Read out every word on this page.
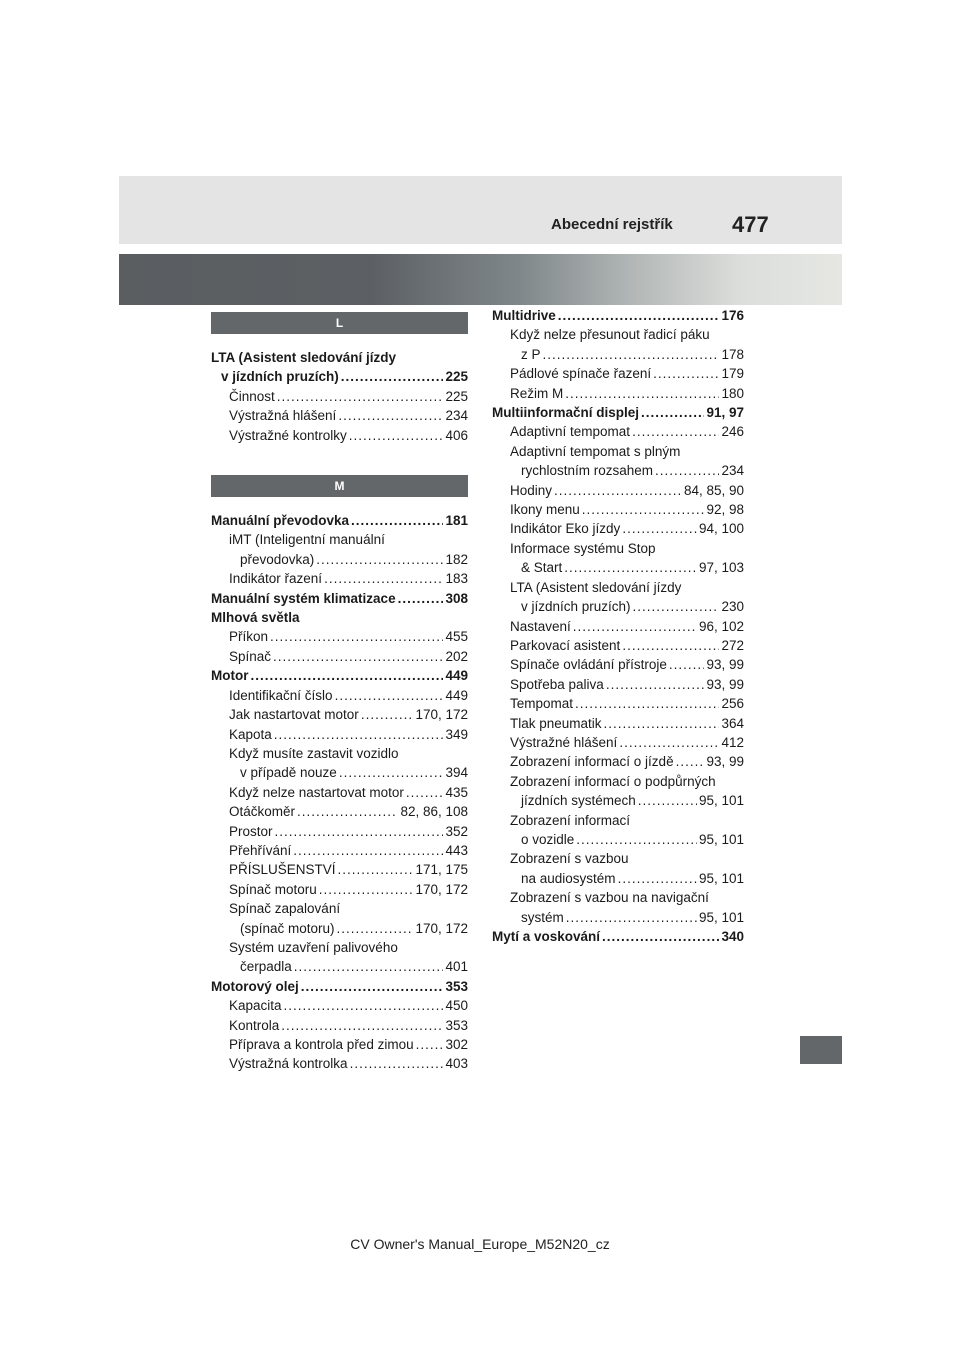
Abecední rejstřík	477
L
LTA (Asistent sledování jízdy
v jízdních pruzích) .....	225
Činnost .....	225
Výstražná hlášení .....	234
Výstražné kontrolky .....	406
M
Manuální převodovka .....	181
iMT (Inteligentní manuální
převodovka) .....	182
Indikátor řazení .....	183
Manuální systém klimatizace .....	308
Mlhová světla
Příkon .....	455
Spínač .....	202
Motor .....	449
Identifikační číslo .....	449
Jak nastartovat motor .....	170, 172
Kapota .....	349
Když musíte zastavit vozidlo
v případě nouze .....	394
Když nelze nastartovat motor .....	435
Otáčkoměr .....	82, 86, 108
Prostor .....	352
Přehřívání .....	443
PŘÍSLUŠENSTVÍ .....	171, 175
Spínač motoru .....	170, 172
Spínač zapalování
(spínač motoru) .....	170, 172
Systém uzavření palivového
čerpadla .....	401
Motorový olej .....	353
Kapacita .....	450
Kontrola .....	353
Příprava a kontrola před zimou ..... 302
Výstražná kontrolka .....	403
Multidrive .....	176
Když nelze přesunout řadicí páku
z P .....	178
Pádlové spínače řazení .....	179
Režim M .....	180
Multiinformační displej .....	91, 97
Adaptivní tempomat .....	246
Adaptivní tempomat s plným
rychlostním rozsahem .....	234
Hodiny .....	84, 85, 90
Ikony menu .....	92, 98
Indikátor Eko jízdy .....	94, 100
Informace systému Stop
& Start .....	97, 103
LTA (Asistent sledování jízdy
v jízdních pruzích) .....	230
Nastavení .....	96, 102
Parkovací asistent .....	272
Spínače ovládání přístroje .....	93, 99
Spotřeba paliva .....	93, 99
Tempomat .....	256
Tlak pneumatik .....	364
Výstražné hlášení .....	412
Zobrazení informací o jízdě ..... 93, 99
Zobrazení informací o podpůrných
jízdních systémech .....	95, 101
Zobrazení informací
o vozidle .....	95, 101
Zobrazení s vazbou
na audiosystém .....	95, 101
Zobrazení s vazbou na navigační
systém .....	95, 101
Mytí a voskování .....	340
CV Owner's Manual_Europe_M52N20_cz
